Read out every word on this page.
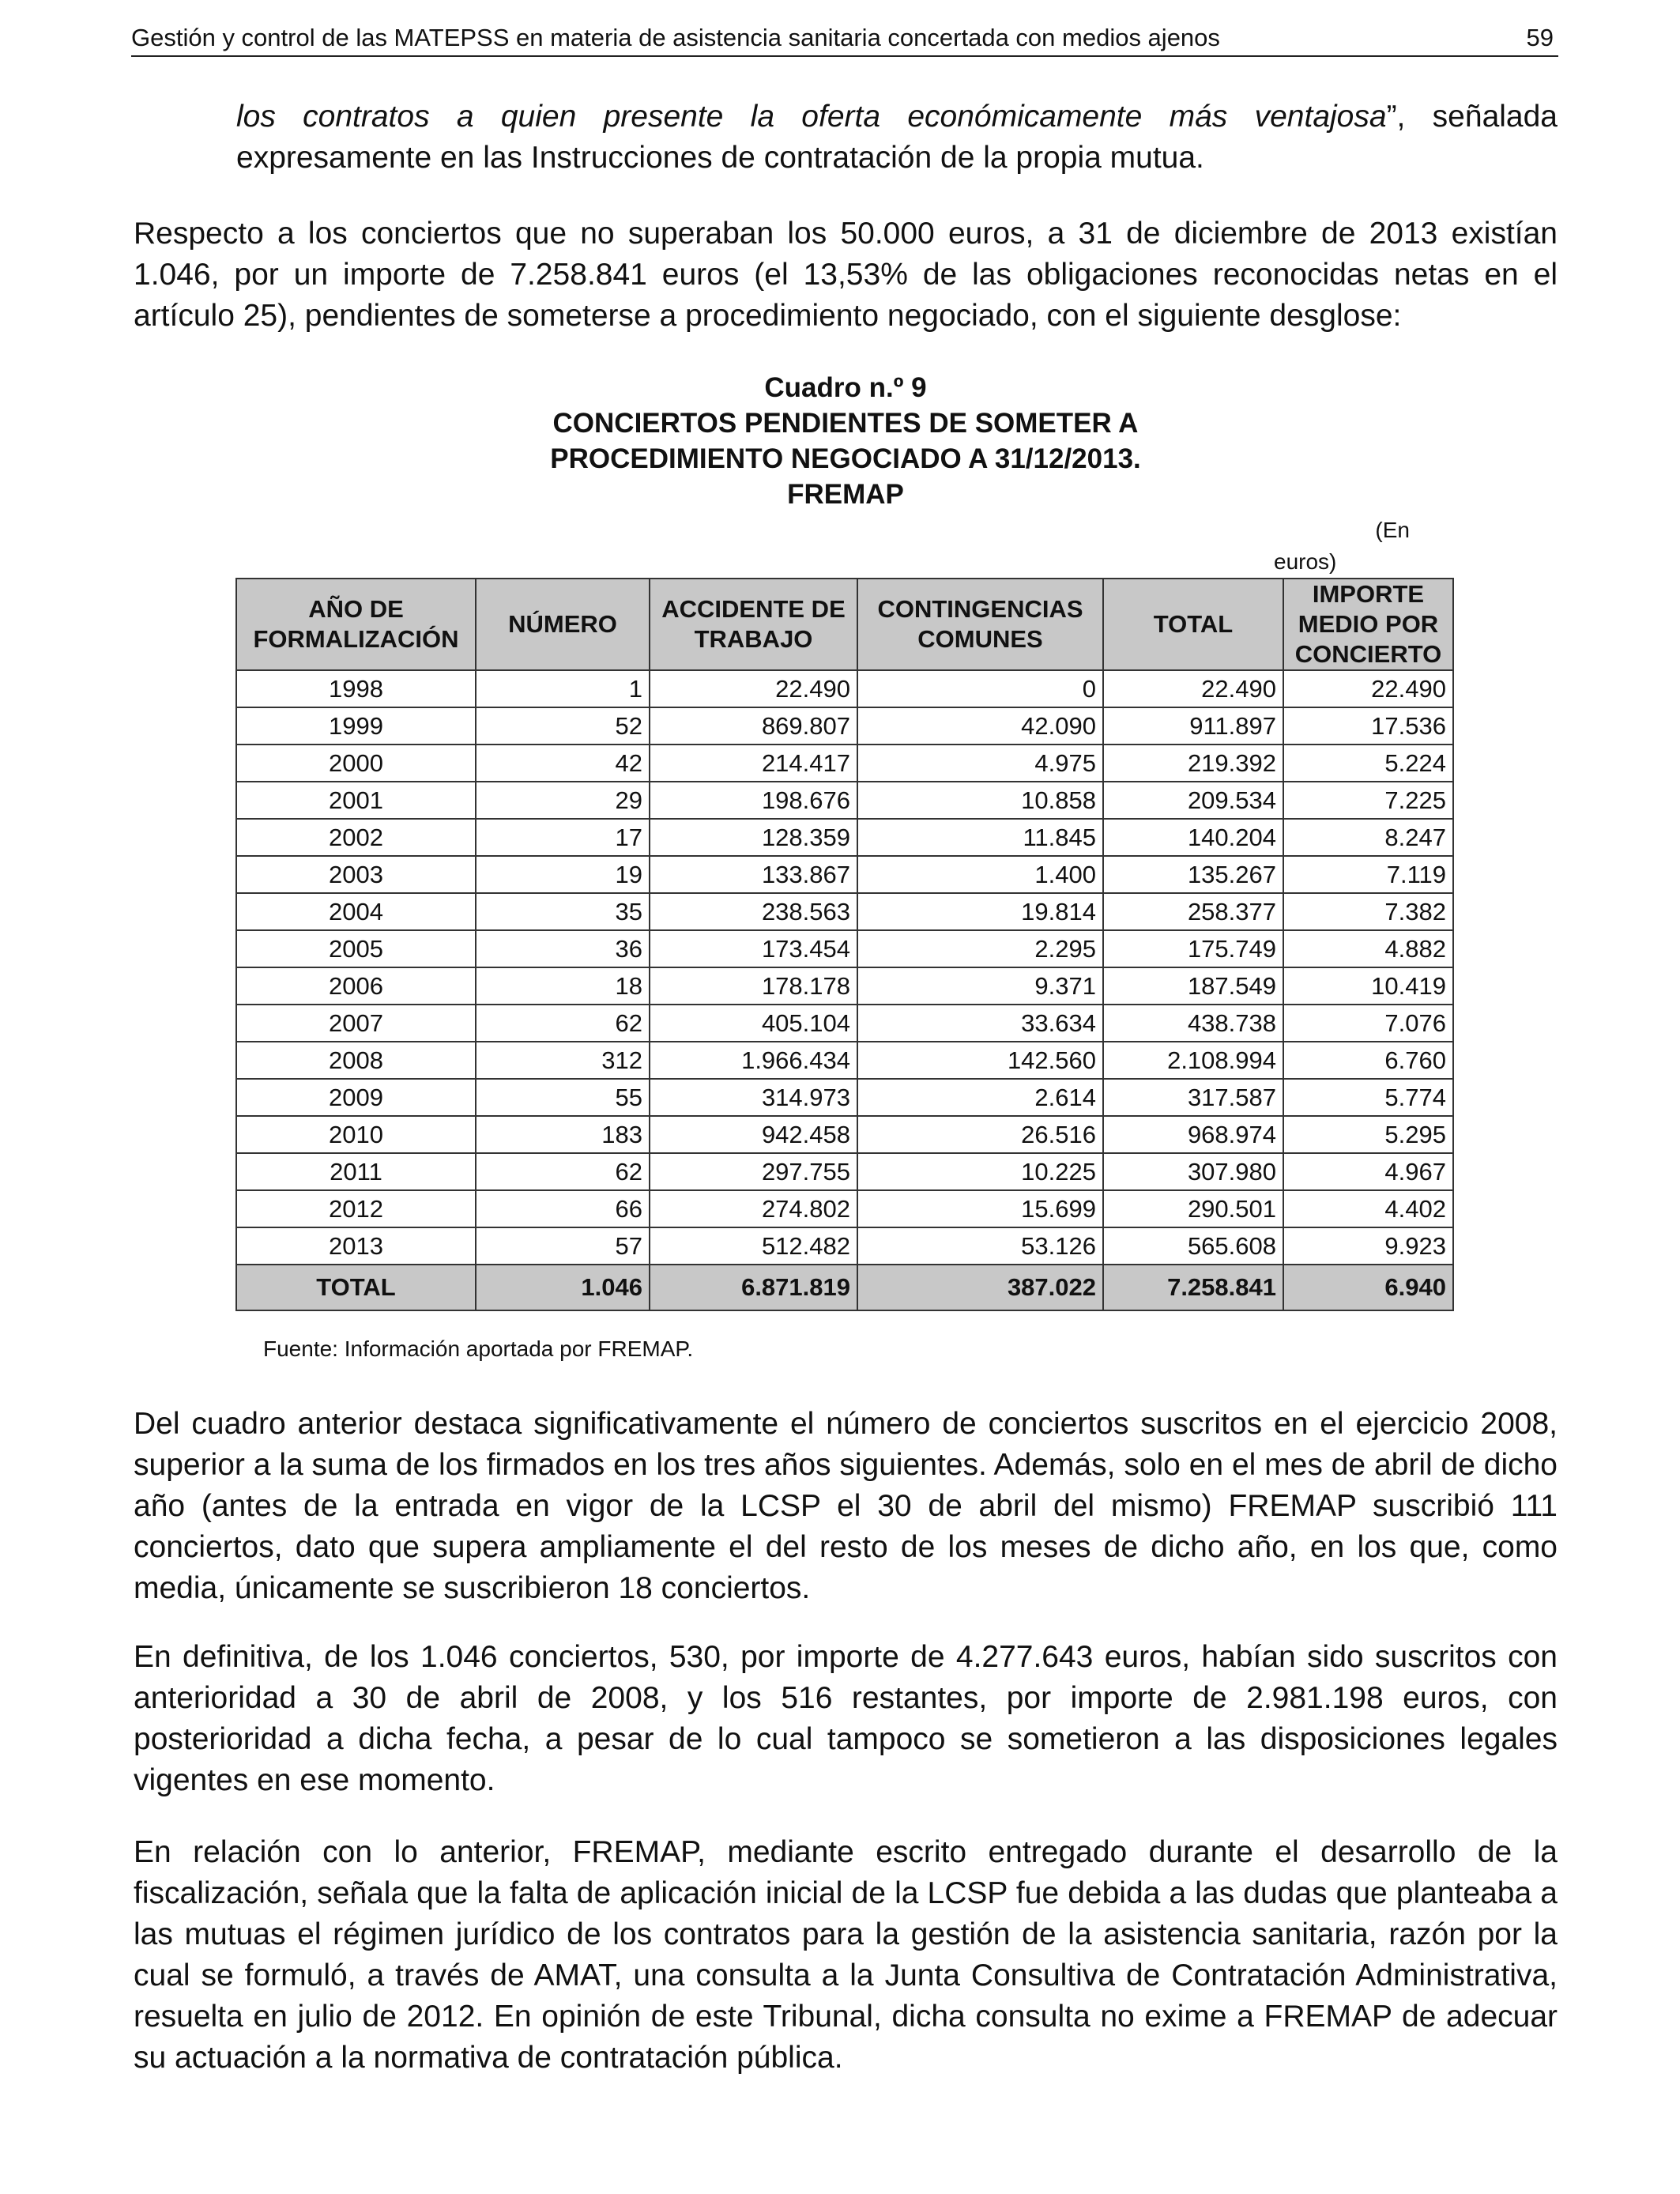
Gestión y control de las MATEPSS en materia de asistencia sanitaria concertada con medios ajenos	59
los contratos a quien presente la oferta económicamente más ventajosa”, señalada expresamente en las Instrucciones de contratación de la propia mutua.
Respecto a los conciertos que no superaban los 50.000 euros, a 31 de diciembre de 2013 existían 1.046, por un importe de 7.258.841 euros (el 13,53% de las obligaciones reconocidas netas en el artículo 25), pendientes de someterse a procedimiento negociado, con el siguiente desglose:
Cuadro n.º 9
CONCIERTOS PENDIENTES DE SOMETER A
PROCEDIMIENTO NEGOCIADO A 31/12/2013.
FREMAP
(En
euros)
AÑO DE FORMALIZACIÓN	NÚMERO	ACCIDENTE DE TRABAJO	CONTINGENCIAS COMUNES	TOTAL	IMPORTE MEDIO POR CONCIERTO
1998	1	22.490	0	22.490	22.490
1999	52	869.807	42.090	911.897	17.536
2000	42	214.417	4.975	219.392	5.224
2001	29	198.676	10.858	209.534	7.225
2002	17	128.359	11.845	140.204	8.247
2003	19	133.867	1.400	135.267	7.119
2004	35	238.563	19.814	258.377	7.382
2005	36	173.454	2.295	175.749	4.882
2006	18	178.178	9.371	187.549	10.419
2007	62	405.104	33.634	438.738	7.076
2008	312	1.966.434	142.560	2.108.994	6.760
2009	55	314.973	2.614	317.587	5.774
2010	183	942.458	26.516	968.974	5.295
2011	62	297.755	10.225	307.980	4.967
2012	66	274.802	15.699	290.501	4.402
2013	57	512.482	53.126	565.608	9.923
TOTAL	1.046	6.871.819	387.022	7.258.841	6.940
Fuente: Información aportada por FREMAP.
Del cuadro anterior destaca significativamente el número de conciertos suscritos en el ejercicio 2008, superior a la suma de los firmados en los tres años siguientes. Además, solo en el mes de abril de dicho año (antes de la entrada en vigor de la LCSP el 30 de abril del mismo) FREMAP suscribió 111 conciertos, dato que supera ampliamente el del resto de los meses de dicho año, en los que, como media, únicamente se suscribieron 18 conciertos.
En definitiva, de los 1.046 conciertos, 530, por importe de 4.277.643 euros, habían sido suscritos con anterioridad a 30 de abril de 2008, y los 516 restantes, por importe de 2.981.198 euros, con posterioridad a dicha fecha, a pesar de lo cual tampoco se sometieron a las disposiciones legales vigentes en ese momento.
En relación con lo anterior, FREMAP, mediante escrito entregado durante el desarrollo de la fiscalización, señala que la falta de aplicación inicial de la LCSP fue debida a las dudas que planteaba a las mutuas el régimen jurídico de los contratos para la gestión de la asistencia sanitaria, razón por la cual se formuló, a través de AMAT, una consulta a la Junta Consultiva de Contratación Administrativa, resuelta en julio de 2012. En opinión de este Tribunal, dicha consulta no exime a FREMAP de adecuar su actuación a la normativa de contratación pública.
